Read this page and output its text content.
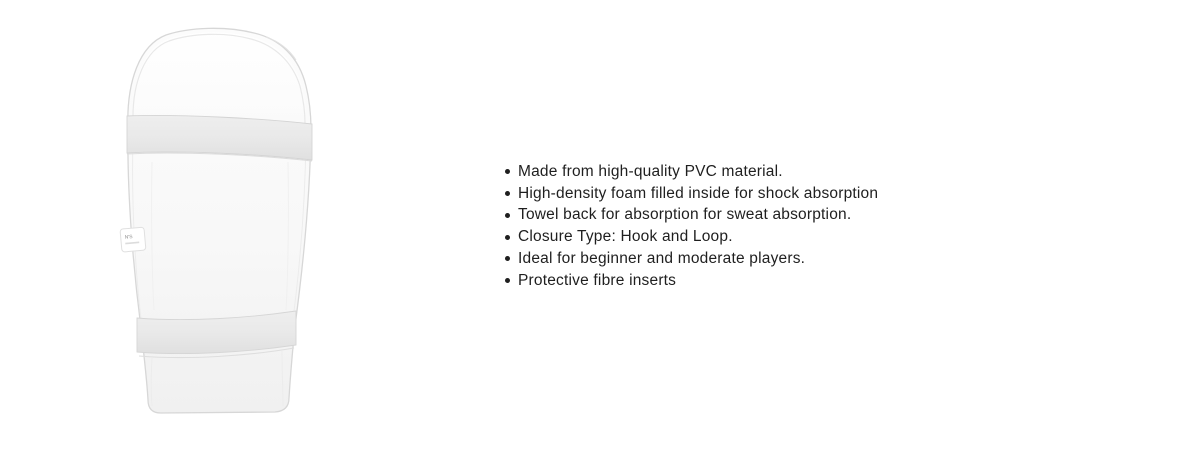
N'S
Made from high-quality PVC material.
High-density foam filled inside for shock absorption
Towel back for absorption for sweat absorption.
Closure Type: Hook and Loop.
Ideal for beginner and moderate players.
Protective fibre inserts
